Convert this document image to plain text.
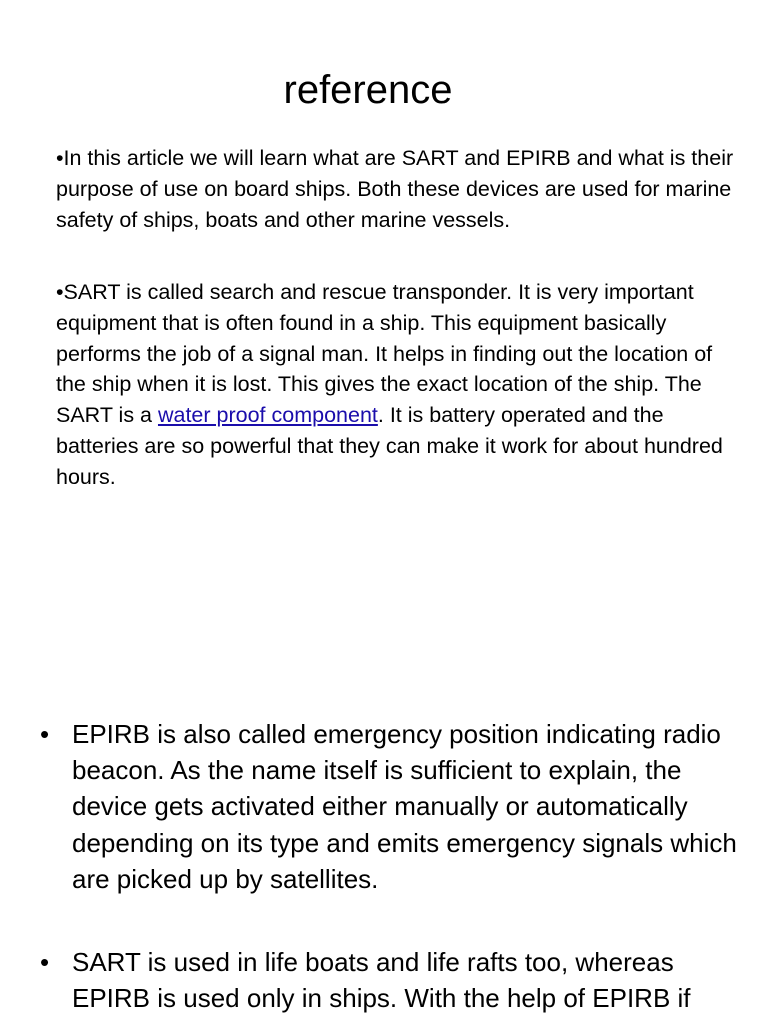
reference

•In this article we will learn what are SART and EPIRB and what is their purpose of use on board ships. Both these devices are used for marine safety of ships, boats and other marine vessels.

•SART is called search and rescue transponder. It is very important equipment that is often found in a ship. This equipment basically performs the job of a signal man. It helps in finding out the location of the ship when it is lost. This gives the exact location of the ship. The SART is a water proof component. It is battery operated and the batteries are so powerful that they can make it work for about hundred hours.

• EPIRB is also called emergency position indicating radio beacon. As the name itself is sufficient to explain, the device gets activated either manually or automatically depending on its type and emits emergency signals which are picked up by satellites.
• SART is used in life boats and life rafts too, whereas EPIRB is used only in ships. With the help of EPIRB if
